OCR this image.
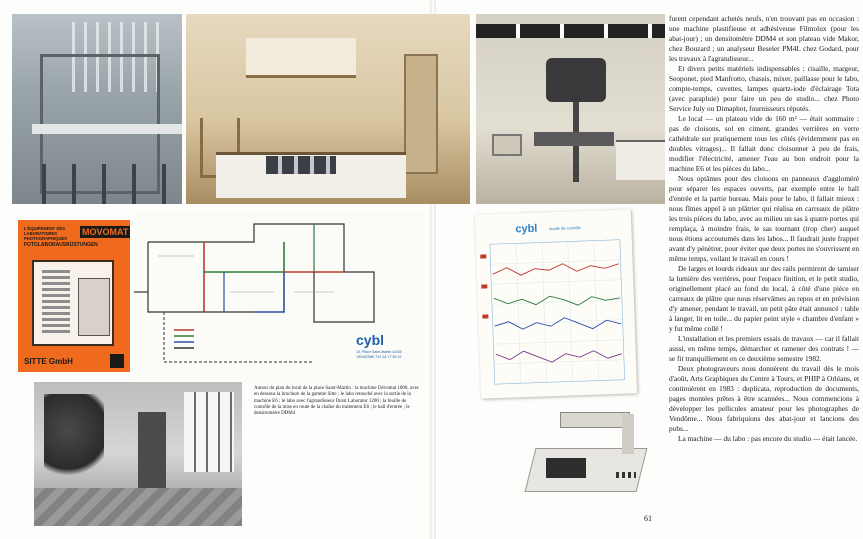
L'ÉQUIPEMENT DES LABORATOIRES PHOTOGRAPHIQUES
MOVOMAT
FOTOLABORAUSRÜSTUNGEN
SITTE GmbH
cybl
10, Place Saint-Martin 41100 VENDÔME Tél. 54 77 55 22
Autour du plan du local de la place Saint-Martin : la machine Dévomat 1000, avec en dessous la brochure de la gamme Sitte ; le labo retouché avec la sortie de la machine E6 ; le labo avec l'agrandisseur Durst Laborator 1200 ; la feuille de contrôle de la mise en route de la chaîne du traitement E6 ; le hall d'entrée ; le densitomètre DDM4
cybl	feuille de contrôle

furent cependant achetés neufs, n'en trouvant pas en occasion : une machine plastifieuse et adhésiveuse Filmolux (pour les abat-jour) ; un densitomètre DDM4 et son plateau vide Makor, chez Bouzard ; un analyseur Beseler PM4L chez Godard, pour les travaux à l'agrandisseur...

Et divers petits matériels indispensables : cisaille, margeur, Seoponet, pied Manfrotto, chassis, mixer, paillasse pour le labo, compte-temps, cuvettes, lampes quartz-iode d'éclairage Tota (avec parapluie) pour faire un peu de studio... chez Photo Service July ou Dimaphot, fournisseurs réputés.

Le local — un plateau vide de 160 m² — était sommaire : pas de cloisons, sol en ciment, grandes verrières en verre cathédrale sur pratiquement tous les côtés (évidemment pas en doubles vitrages)... Il fallait donc cloisonner à peu de frais, modifier l'électricité, amener l'eau au bon endroit pour la machine E6 et les pièces du labo...

Nous optâmes pour des cloisons en panneaux d'aggloméré pour séparer les espaces ouverts, par exemple entre le hall d'entrée et la partie bureau. Mais pour le labo, il fallait mieux : nous fîmes appel à un plâtrier qui réalisa en carreaux de plâtre les trois pièces du labo, avec au milieu un sas à quatre portes qui remplaça, à moindre frais, le sas tournant (trop cher) auquel nous étions accoutumés dans les labos... Il faudrait juste frapper avant d'y pénétrer, pour éviter que deux portes ne s'ouvrissent en même temps, voilant le travail en cours !

De larges et lourds rideaux sur des rails permirent de tamiser la lumière des verrières, pour l'espace finition, et le petit studio, originellement placé au fond du local, à côté d'une pièce en carreaux de plâtre que nous réservâmes au repos et en prévision d'y amener, pendant le travail, un petit pâte était annoncé : table à langer, lit en toile... du papier peint style « chambre d'enfant » y fut même collé !

L'installation et les premiers essais de travaux — car il fallait aussi, en même temps, démarcher et ramener des contrats ! — se fit tranquillement en ce deuxième semestre 1982.

Deux photograveurs nous donnèrent du travail dès le mois d'août, Arts Graphiques du Centre à Tours, et PHIP à Orléans, et continuèrent en 1983 : duplicata, reproduction de documents, pages montées prêtes à être scannées... Nous commencions à développer les pellicules amateur pour les photographes de Vendôme... Nous fabriquions des abat-jour et lancions des pubs...

La machine — du labo : pas encore du studio — était lancée.

61
